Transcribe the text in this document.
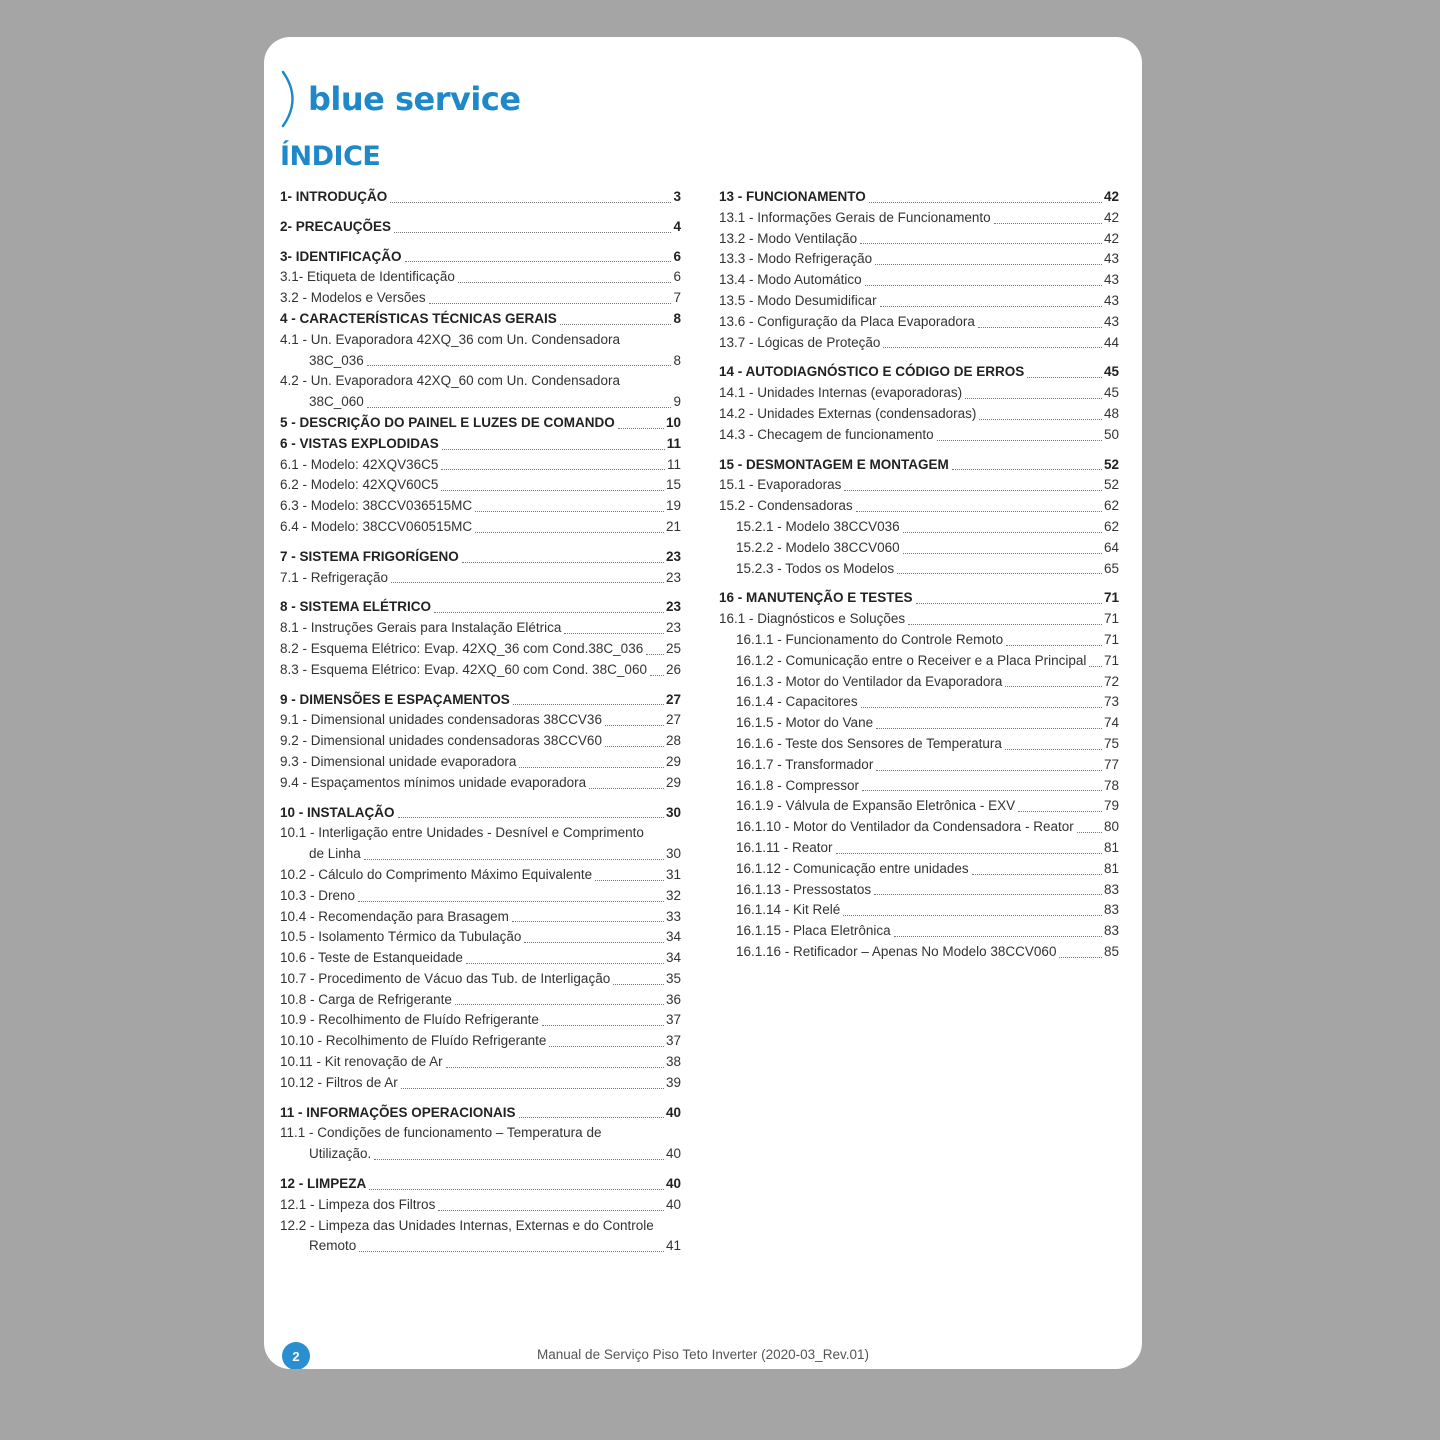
blue service
ÍNDICE
1- INTRODUÇÃO	3
2- PRECAUÇÕES	4
3- IDENTIFICAÇÃO	6
3.1- Etiqueta de Identificação	6
3.2 - Modelos e Versões	7
4 - CARACTERÍSTICAS TÉCNICAS GERAIS	8
4.1 - Un. Evaporadora 42XQ_36 com Un. Condensadora
38C_036	8
4.2 - Un. Evaporadora 42XQ_60 com Un. Condensadora
38C_060	9
5 - DESCRIÇÃO DO PAINEL E LUZES DE COMANDO	10
6 - VISTAS EXPLODIDAS	11
6.1 - Modelo: 42XQV36C5	11
6.2 - Modelo: 42XQV60C5	15
6.3 - Modelo: 38CCV036515MC	19
6.4 - Modelo: 38CCV060515MC	21
7 - SISTEMA FRIGORÍGENO	23
7.1 - Refrigeração	23
8 - SISTEMA ELÉTRICO	23
8.1 - Instruções Gerais para Instalação Elétrica	23
8.2 - Esquema Elétrico: Evap. 42XQ_36 com Cond.38C_036 25
8.3 - Esquema Elétrico: Evap. 42XQ_60 com Cond. 38C_060 26
9 - DIMENSÕES E ESPAÇAMENTOS	27
9.1 - Dimensional unidades condensadoras 38CCV36	27
9.2 - Dimensional unidades condensadoras 38CCV60	28
9.3 - Dimensional unidade evaporadora	29
9.4 - Espaçamentos mínimos unidade evaporadora	29
10 - INSTALAÇÃO	30
10.1 - Interligação entre Unidades - Desnível e Comprimento
de Linha	30
10.2 - Cálculo do Comprimento Máximo Equivalente	31
10.3 - Dreno	32
10.4 - Recomendação para Brasagem	33
10.5 - Isolamento Térmico da Tubulação	34
10.6 - Teste de Estanqueidade	34
10.7 - Procedimento de Vácuo das Tub. de Interligação	35
10.8 - Carga de Refrigerante	36
10.9 - Recolhimento de Fluído Refrigerante	37
10.10 - Recolhimento de Fluído Refrigerante	37
10.11 - Kit renovação de Ar	38
10.12 - Filtros de Ar	39
11 - INFORMAÇÕES OPERACIONAIS	40
11.1 - Condições de funcionamento – Temperatura de
Utilização.	40
12 - LIMPEZA	40
12.1 - Limpeza dos Filtros	40
12.2 - Limpeza das Unidades Internas, Externas e do Controle
Remoto	41
13 - FUNCIONAMENTO	42
13.1 - Informações Gerais de Funcionamento	42
13.2 - Modo Ventilação	42
13.3 - Modo Refrigeração	43
13.4 - Modo Automático	43
13.5 - Modo Desumidificar	43
13.6 - Configuração da Placa Evaporadora	43
13.7 - Lógicas de Proteção	44
14 - AUTODIAGNÓSTICO E CÓDIGO DE ERROS	45
14.1 - Unidades Internas (evaporadoras)	45
14.2 - Unidades Externas (condensadoras)	48
14.3 - Checagem de funcionamento	50
15 - DESMONTAGEM E MONTAGEM	52
15.1 - Evaporadoras	52
15.2 - Condensadoras	62
15.2.1 - Modelo 38CCV036	62
15.2.2 - Modelo 38CCV060	64
15.2.3 - Todos os Modelos	65
16 - MANUTENÇÃO E TESTES	71
16.1 - Diagnósticos e Soluções	71
16.1.1 - Funcionamento do Controle Remoto	71
16.1.2 - Comunicação entre o Receiver e a Placa Principal 71
16.1.3 - Motor do Ventilador da Evaporadora	72
16.1.4 - Capacitores	73
16.1.5 - Motor do Vane	74
16.1.6 - Teste dos Sensores de Temperatura	75
16.1.7 - Transformador	77
16.1.8 - Compressor	78
16.1.9 - Válvula de Expansão Eletrônica - EXV	79
16.1.10 - Motor do Ventilador da Condensadora - Reator 80
16.1.11 - Reator	81
16.1.12 - Comunicação entre unidades	81
16.1.13 - Pressostatos	83
16.1.14 - Kit Relé	83
16.1.15 - Placa Eletrônica	83
16.1.16 - Retificador – Apenas No Modelo 38CCV060	85
2	Manual de Serviço Piso Teto Inverter (2020-03_Rev.01)
